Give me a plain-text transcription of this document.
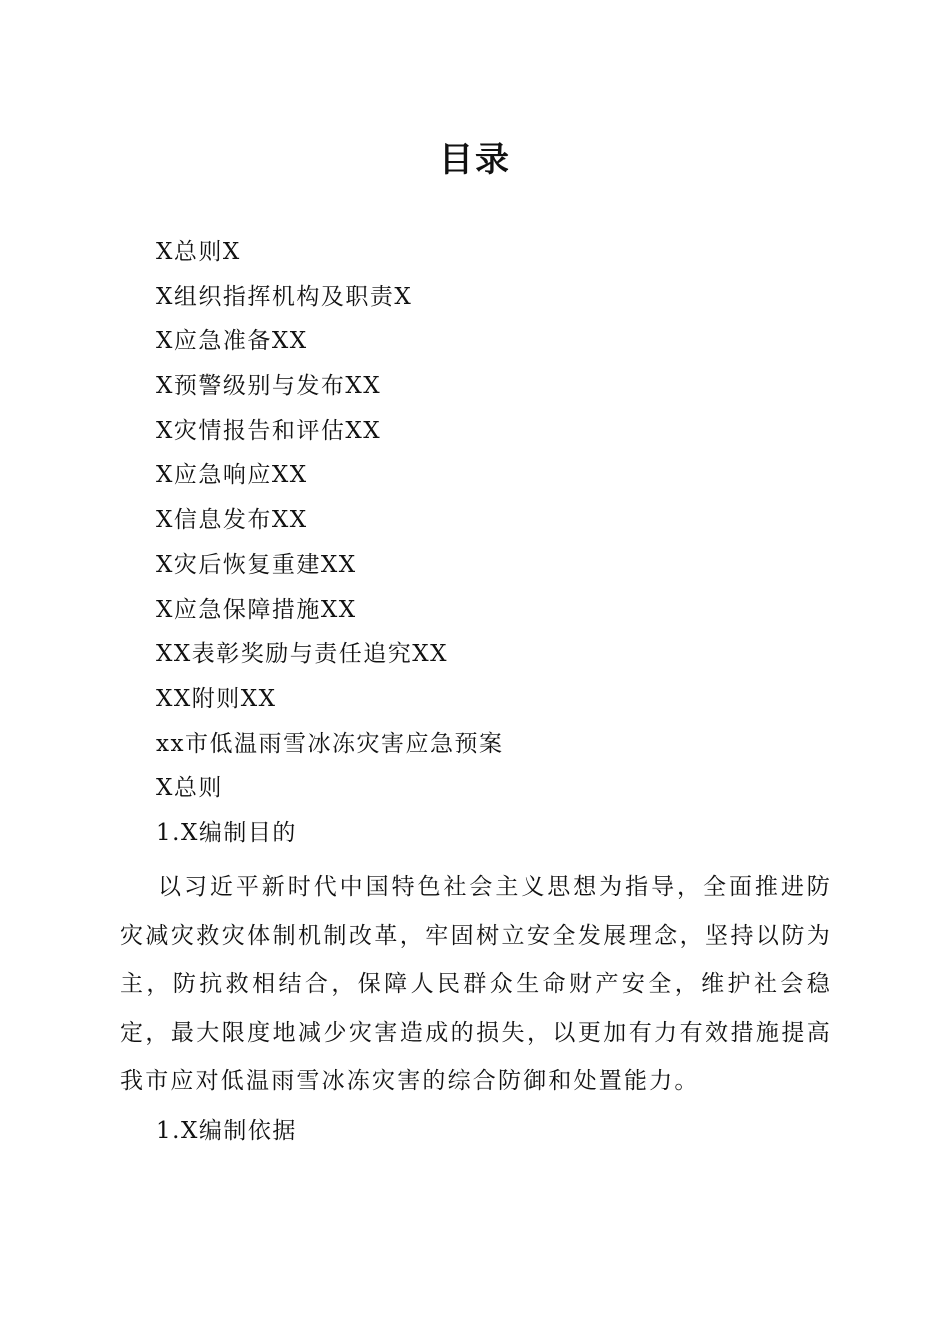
目录
X总则X
X组织指挥机构及职责X
X应急准备XX
X预警级别与发布XX
X灾情报告和评估XX
X应急响应XX
X信息发布XX
X灾后恢复重建XX
X应急保障措施XX
XX表彰奖励与责任追究XX
XX附则XX
xx市低温雨雪冰冻灾害应急预案
X总则
1.X编制目的

以习近平新时代中国特色社会主义思想为指导，全面推进防灾减灾救灾体制机制改革，牢固树立安全发展理念，坚持以防为主，防抗救相结合，保障人民群众生命财产安全，维护社会稳定，最大限度地减少灾害造成的损失，以更加有力有效措施提高我市应对低温雨雪冰冻灾害的综合防御和处置能力。

1.X编制依据
